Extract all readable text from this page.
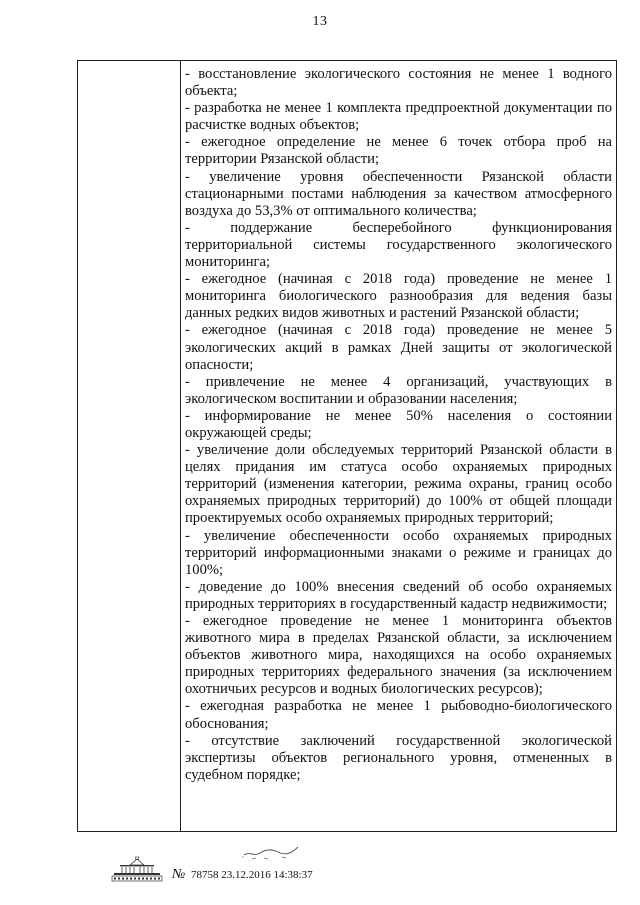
13
- восстановление экологического состояния не менее 1 водного объекта;
- разработка не менее 1 комплекта предпроектной документации по расчистке водных объектов;
- ежегодное определение не менее 6 точек отбора проб на территории Рязанской области;
- увеличение уровня обеспеченности Рязанской области стационарными постами наблюдения за качеством атмосферного воздуха до 53,3% от оптимального количества;
- поддержание бесперебойного функционирования территориальной системы государственного экологического мониторинга;
- ежегодное (начиная с 2018 года) проведение не менее 1 мониторинга биологического разнообразия для ведения базы данных редких видов животных и растений Рязанской области;
- ежегодное (начиная с 2018 года) проведение не менее 5 экологических акций в рамках Дней защиты от экологической опасности;
- привлечение не менее 4 организаций, участвующих в экологическом воспитании и образовании населения;
- информирование не менее 50% населения о состоянии окружающей среды;
- увеличение доли обследуемых территорий Рязанской области в целях придания им статуса особо охраняемых природных территорий (изменения категории, режима охраны, границ особо охраняемых природных территорий) до 100% от общей площади проектируемых особо охраняемых природных территорий;
- увеличение обеспеченности особо охраняемых природных территорий информационными знаками о режиме и границах до 100%;
- доведение до 100% внесения сведений об особо охраняемых природных территориях в государственный кадастр недвижимости;
- ежегодное проведение не менее 1 мониторинга объектов животного мира в пределах Рязанской области, за исключением объектов животного мира, находящихся на особо охраняемых природных территориях федерального значения (за исключением охотничьих ресурсов и водных биологических ресурсов);
- ежегодная разработка не менее 1 рыбоводно-биологического обоснования;
- отсутствие заключений государственной экологической экспертизы объектов регионального уровня, отмененных в судебном порядке;
№ 78758 23.12.2016 14:38:37
